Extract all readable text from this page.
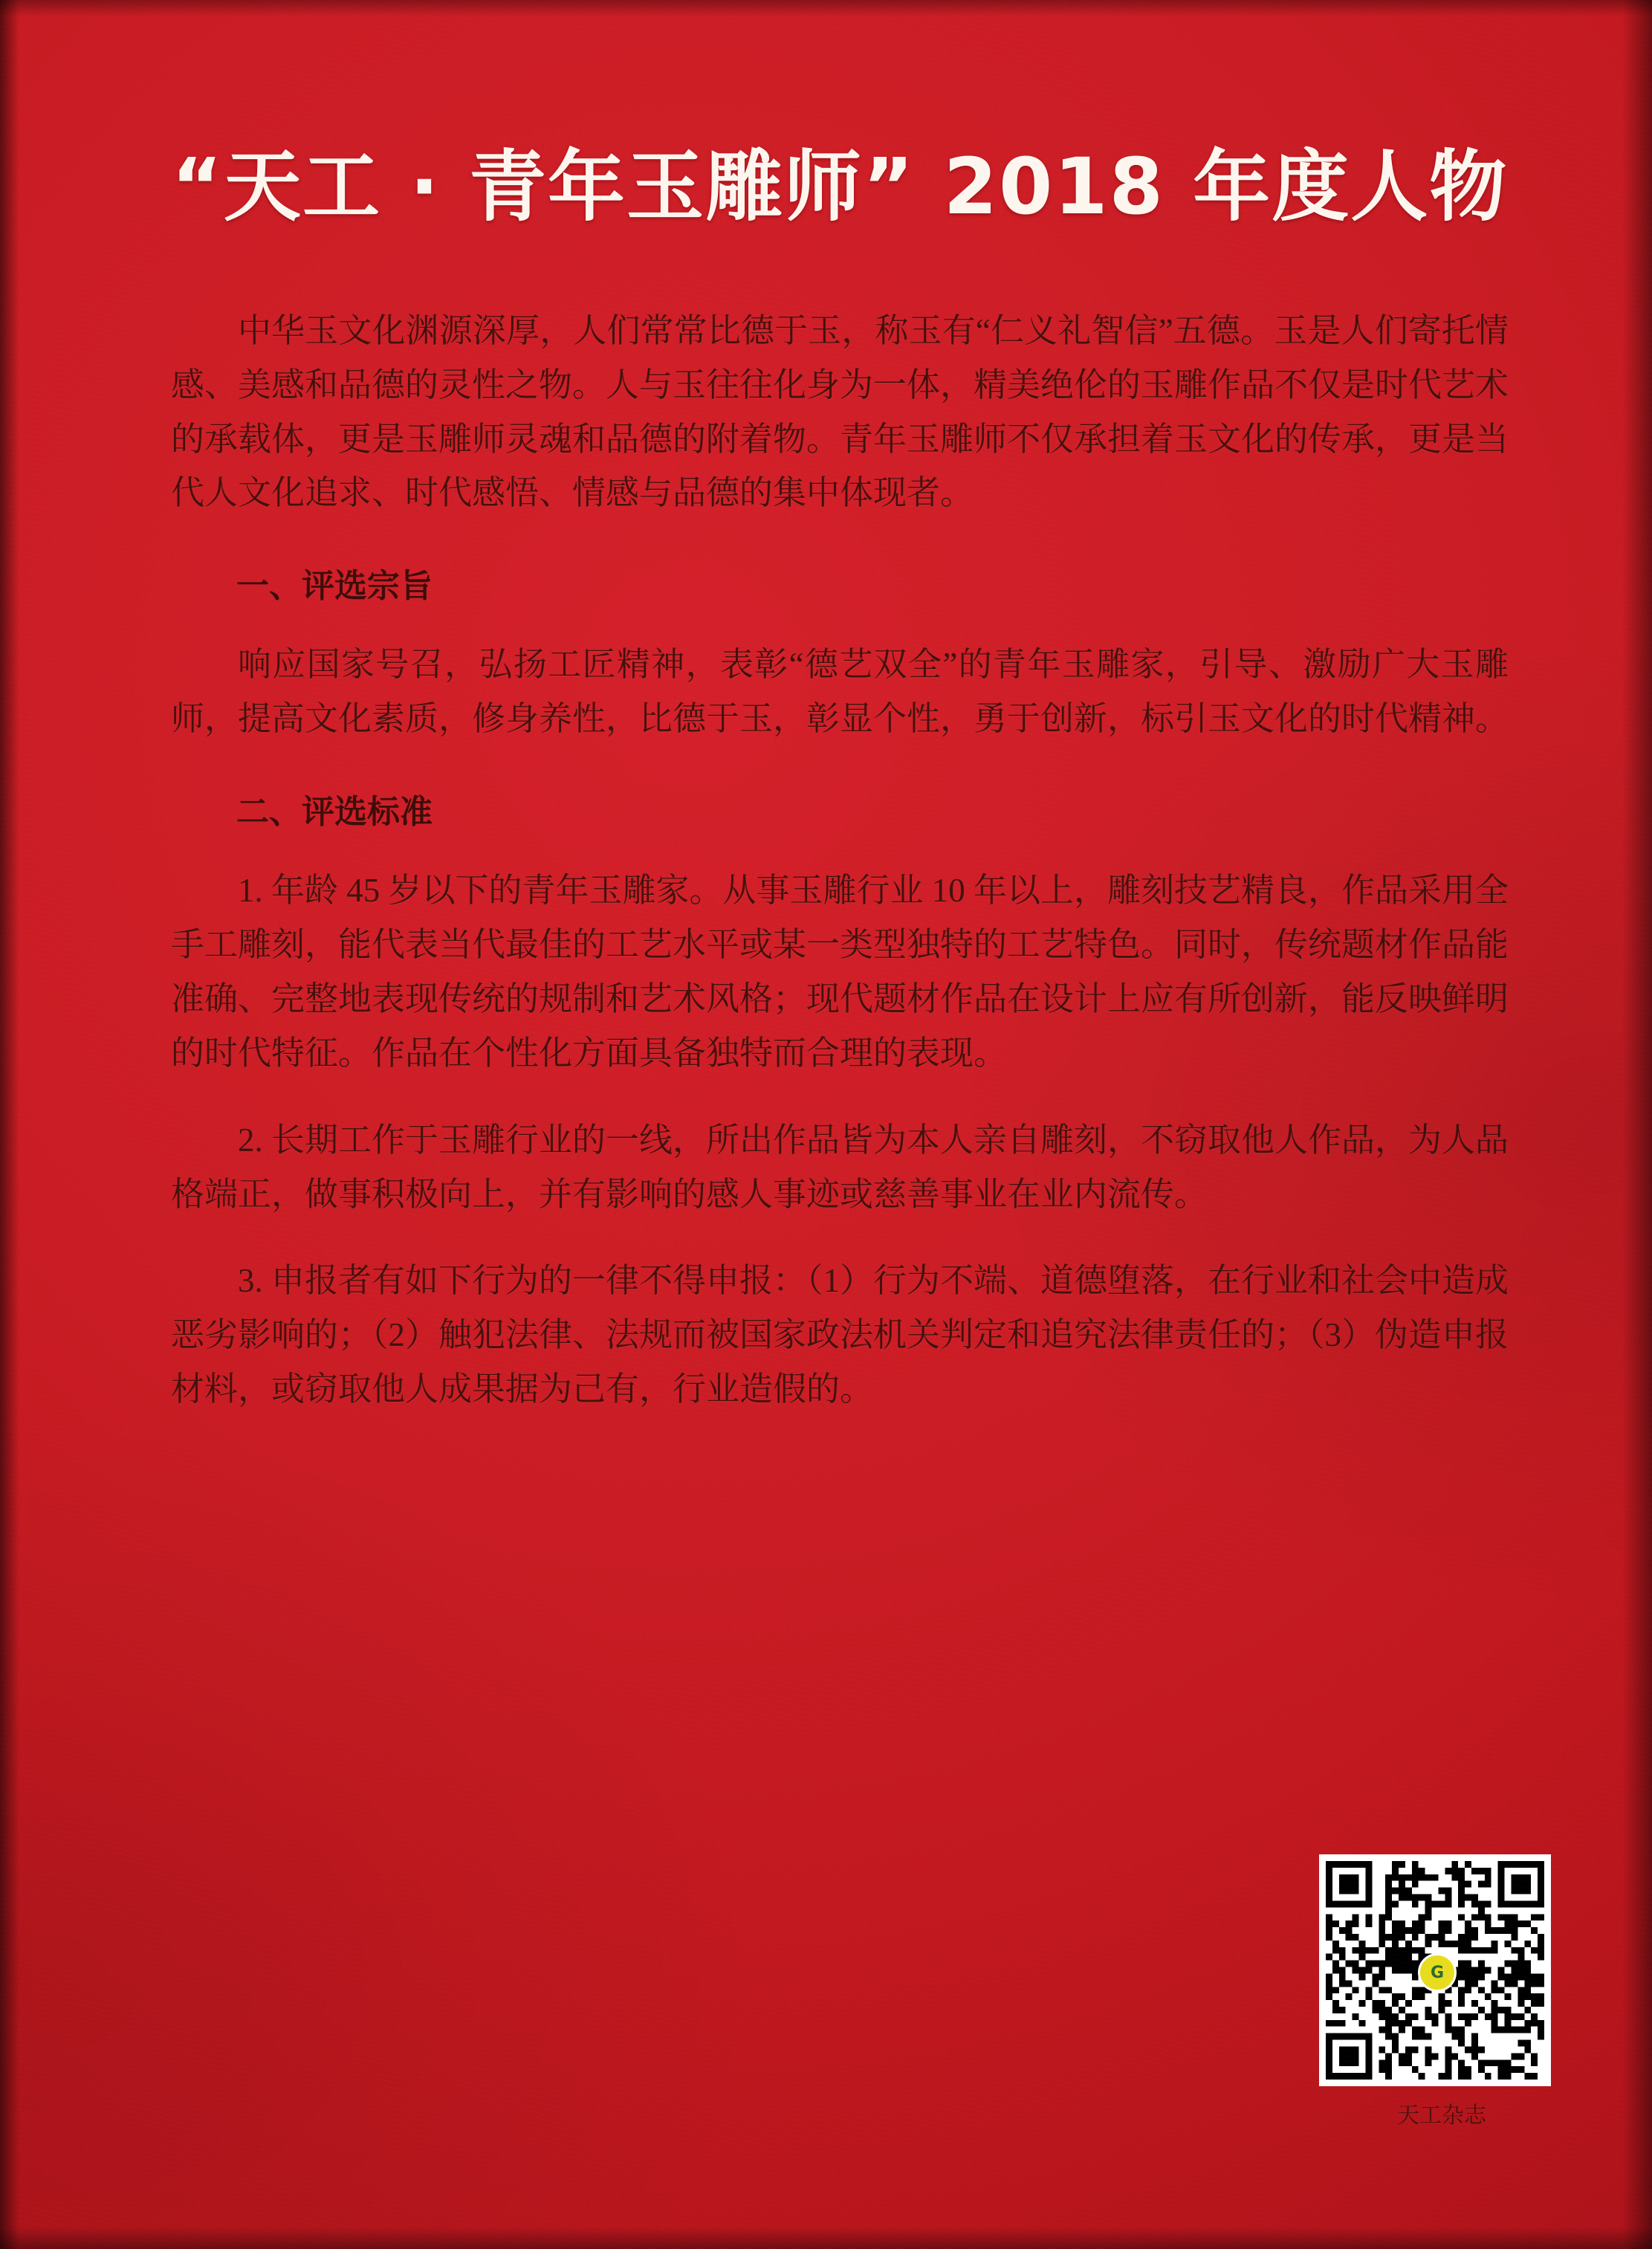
“天工 · 青年玉雕师” 2018 年度人物

中华玉文化渊源深厚，人们常常比德于玉，称玉有“仁义礼智信”五德。玉是人们寄托情感、美感和品德的灵性之物。人与玉往往化身为一体，精美绝伦的玉雕作品不仅是时代艺术的承载体，更是玉雕师灵魂和品德的附着物。青年玉雕师不仅承担着玉文化的传承，更是当代人文化追求、时代感悟、情感与品德的集中体现者。

一、评选宗旨

响应国家号召，弘扬工匠精神，表彰“德艺双全”的青年玉雕家，引导、激励广大玉雕师，提高文化素质，修身养性，比德于玉，彰显个性，勇于创新，标引玉文化的时代精神。

二、评选标准

1. 年龄 45 岁以下的青年玉雕家。从事玉雕行业 10 年以上，雕刻技艺精良，作品采用全手工雕刻，能代表当代最佳的工艺水平或某一类型独特的工艺特色。同时，传统题材作品能准确、完整地表现传统的规制和艺术风格；现代题材作品在设计上应有所创新，能反映鲜明的时代特征。作品在个性化方面具备独特而合理的表现。

2. 长期工作于玉雕行业的一线，所出作品皆为本人亲自雕刻，不窃取他人作品，为人品格端正，做事积极向上，并有影响的感人事迹或慈善事业在业内流传。

3. 申报者有如下行为的一律不得申报：（1）行为不端、道德堕落，在行业和社会中造成恶劣影响的；（2）触犯法律、法规而被国家政法机关判定和追究法律责任的；（3）伪造申报材料，或窃取他人成果据为己有，行业造假的。

G
天工杂志
